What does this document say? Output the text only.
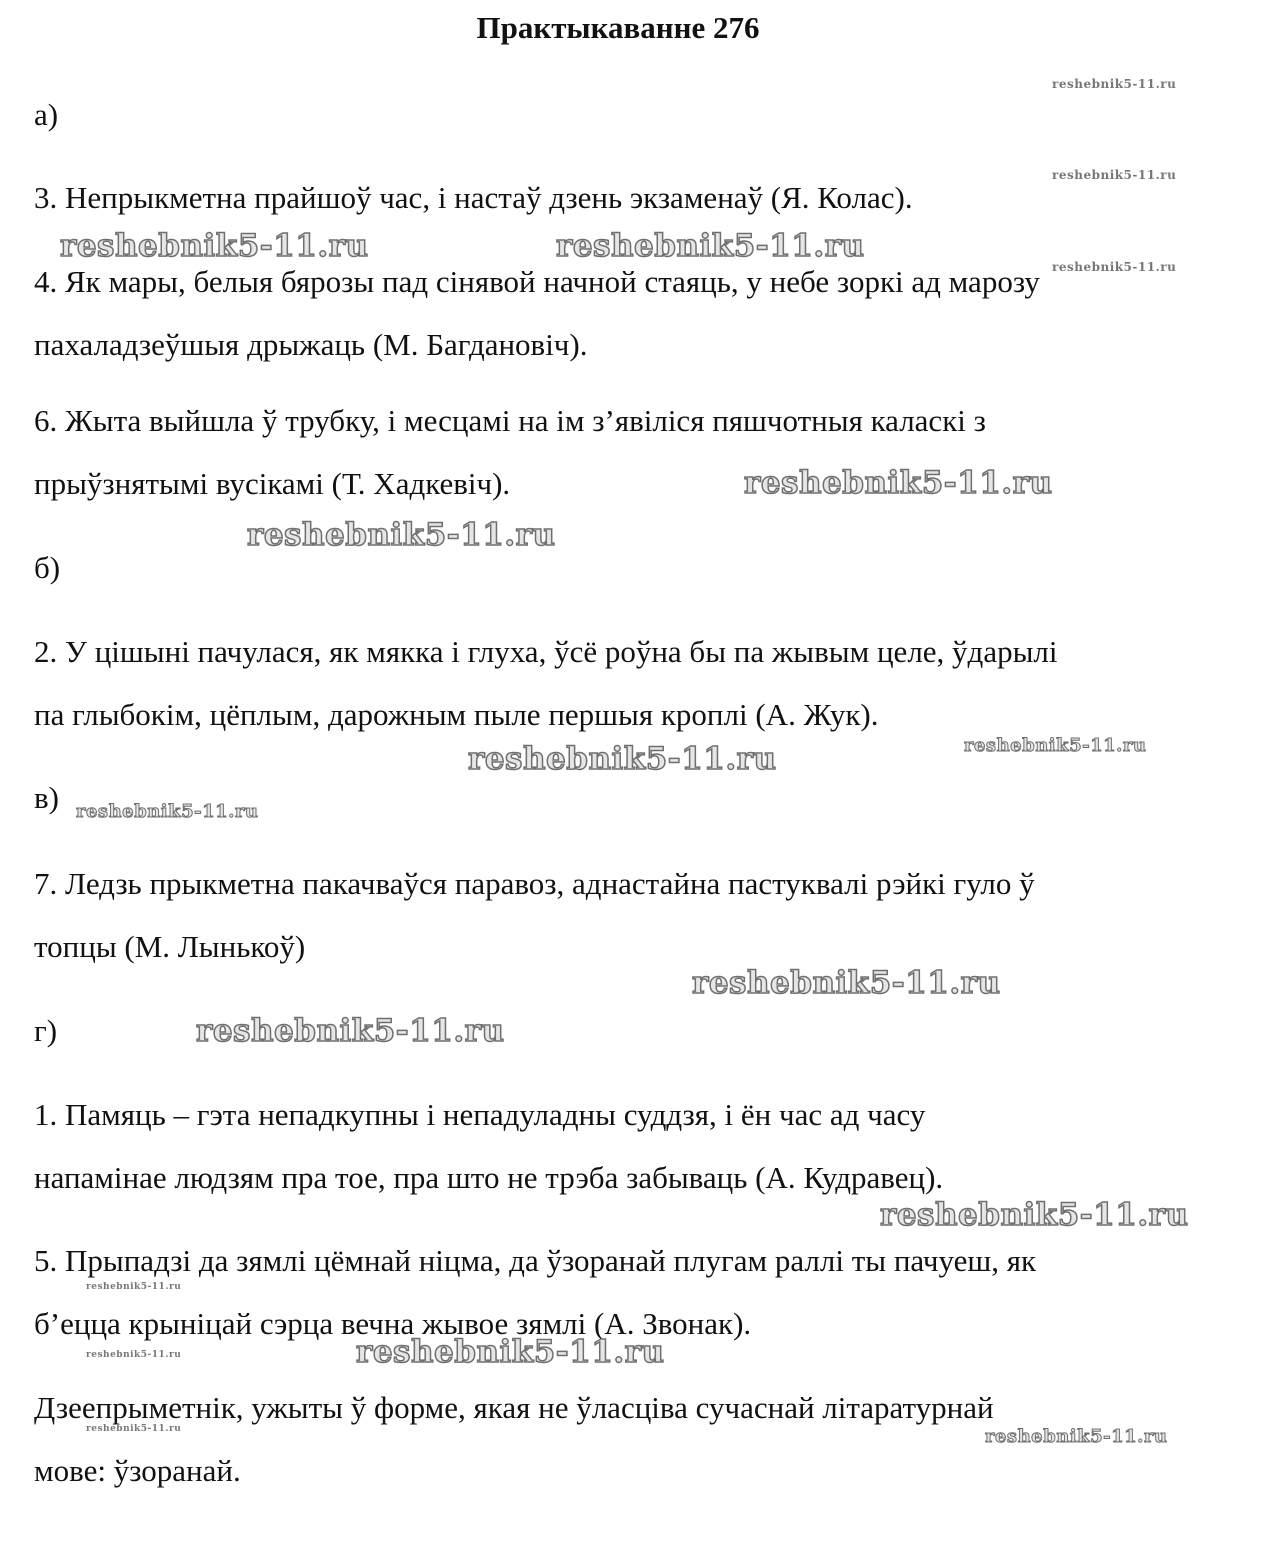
Практыкаванне 276
а)
3. Непрыкметна прайшоў час, і настаў дзень экзаменаў (Я. Колас).
4. Як мары, белыя бярозы пад сінявой начной стаяць, у небе зоркі ад марозу
пахаладзеўшыя дрыжаць (М. Багдановіч).
6. Жыта выйшла ў трубку, і месцамі на ім з’явіліся пяшчотныя каласкі з
прыўзнятымі вусікамі (Т. Хадкевіч).
б)
2. У цішыні пачулася, як мякка і глуха, ўсё роўна бы па жывым целе, ўдарылі
па глыбокім, цёплым, дарожным пыле першыя кроплі (А. Жук).
в)
7. Ледзь прыкметна пакачваўся паравоз, аднастайна пастуквалі рэйкі гуло ў
топцы (М. Лынькоў)
г)
1. Памяць – гэта непадкупны і непадуладны суддзя, і ён час ад часу
напамінае людзям пра тое, пра што не трэба забываць (А. Кудравец).
5. Прыпадзі да зямлі цёмнай ніцма, да ўзоранай плугам раллі ты пачуеш, як
б’ецца крыніцай сэрца вечна жывое зямлі (А. Звонак).
Дзеепрыметнік, ужыты ў форме, якая не ўласціва сучаснай літаратурнай
мове: ўзоранай.
reshebnik5-11.ru
reshebnik5-11.ru
reshebnik5-11.ru
reshebnik5-11.ru	reshebnik5-11.ru
reshebnik5-11.ru
reshebnik5-11.ru
reshebnik5-11.ru
reshebnik5-11.ru
reshebnik5-11.ru
reshebnik5-11.ru
reshebnik5-11.ru
reshebnik5-11.ru
reshebnik5-11.ru
reshebnik5-11.ru	reshebnik5-11.ru
reshebnik5-11.ru	reshebnik5-11.ru
